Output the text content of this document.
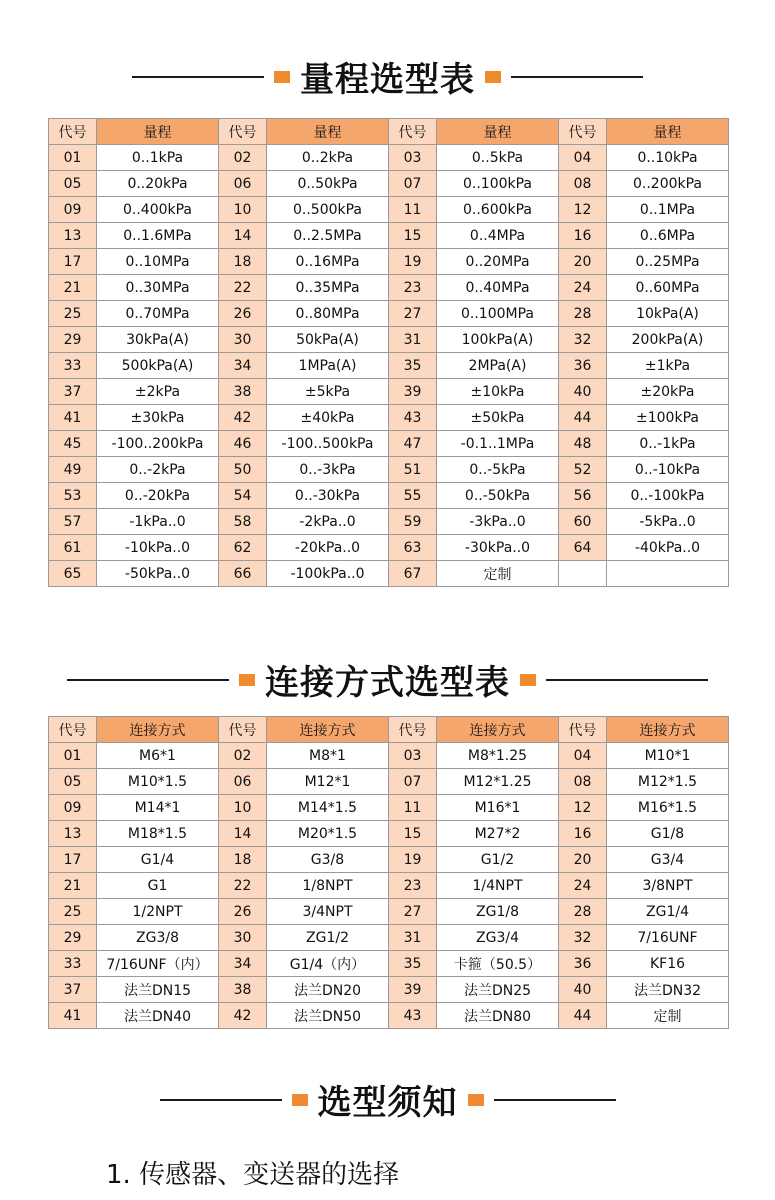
量程选型表
代号	量程	代号	量程	代号	量程	代号	量程
01	0..1kPa	02	0..2kPa	03	0..5kPa	04	0..10kPa
05	0..20kPa	06	0..50kPa	07	0..100kPa	08	0..200kPa
09	0..400kPa	10	0..500kPa	11	0..600kPa	12	0..1MPa
13	0..1.6MPa	14	0..2.5MPa	15	0..4MPa	16	0..6MPa
17	0..10MPa	18	0..16MPa	19	0..20MPa	20	0..25MPa
21	0..30MPa	22	0..35MPa	23	0..40MPa	24	0..60MPa
25	0..70MPa	26	0..80MPa	27	0..100MPa	28	10kPa(A)
29	30kPa(A)	30	50kPa(A)	31	100kPa(A)	32	200kPa(A)
33	500kPa(A)	34	1MPa(A)	35	2MPa(A)	36	±1kPa
37	±2kPa	38	±5kPa	39	±10kPa	40	±20kPa
41	±30kPa	42	±40kPa	43	±50kPa	44	±100kPa
45	-100..200kPa	46	-100..500kPa	47	-0.1..1MPa	48	0..-1kPa
49	0..-2kPa	50	0..-3kPa	51	0..-5kPa	52	0..-10kPa
53	0..-20kPa	54	0..-30kPa	55	0..-50kPa	56	0..-100kPa
57	-1kPa..0	58	-2kPa..0	59	-3kPa..0	60	-5kPa..0
61	-10kPa..0	62	-20kPa..0	63	-30kPa..0	64	-40kPa..0
65	-50kPa..0	66	-100kPa..0	67	定制		
连接方式选型表
代号	连接方式	代号	连接方式	代号	连接方式	代号	连接方式
01	M6*1	02	M8*1	03	M8*1.25	04	M10*1
05	M10*1.5	06	M12*1	07	M12*1.25	08	M12*1.5
09	M14*1	10	M14*1.5	11	M16*1	12	M16*1.5
13	M18*1.5	14	M20*1.5	15	M27*2	16	G1/8
17	G1/4	18	G3/8	19	G1/2	20	G3/4
21	G1	22	1/8NPT	23	1/4NPT	24	3/8NPT
25	1/2NPT	26	3/4NPT	27	ZG1/8	28	ZG1/4
29	ZG3/8	30	ZG1/2	31	ZG3/4	32	7/16UNF
33	7/16UNF（内）	34	G1/4（内）	35	卡箍（50.5）	36	KF16
37	法兰DN15	38	法兰DN20	39	法兰DN25	40	法兰DN32
41	法兰DN40	42	法兰DN50	43	法兰DN80	44	定制
选型须知
1. 传感器、变送器的选择
